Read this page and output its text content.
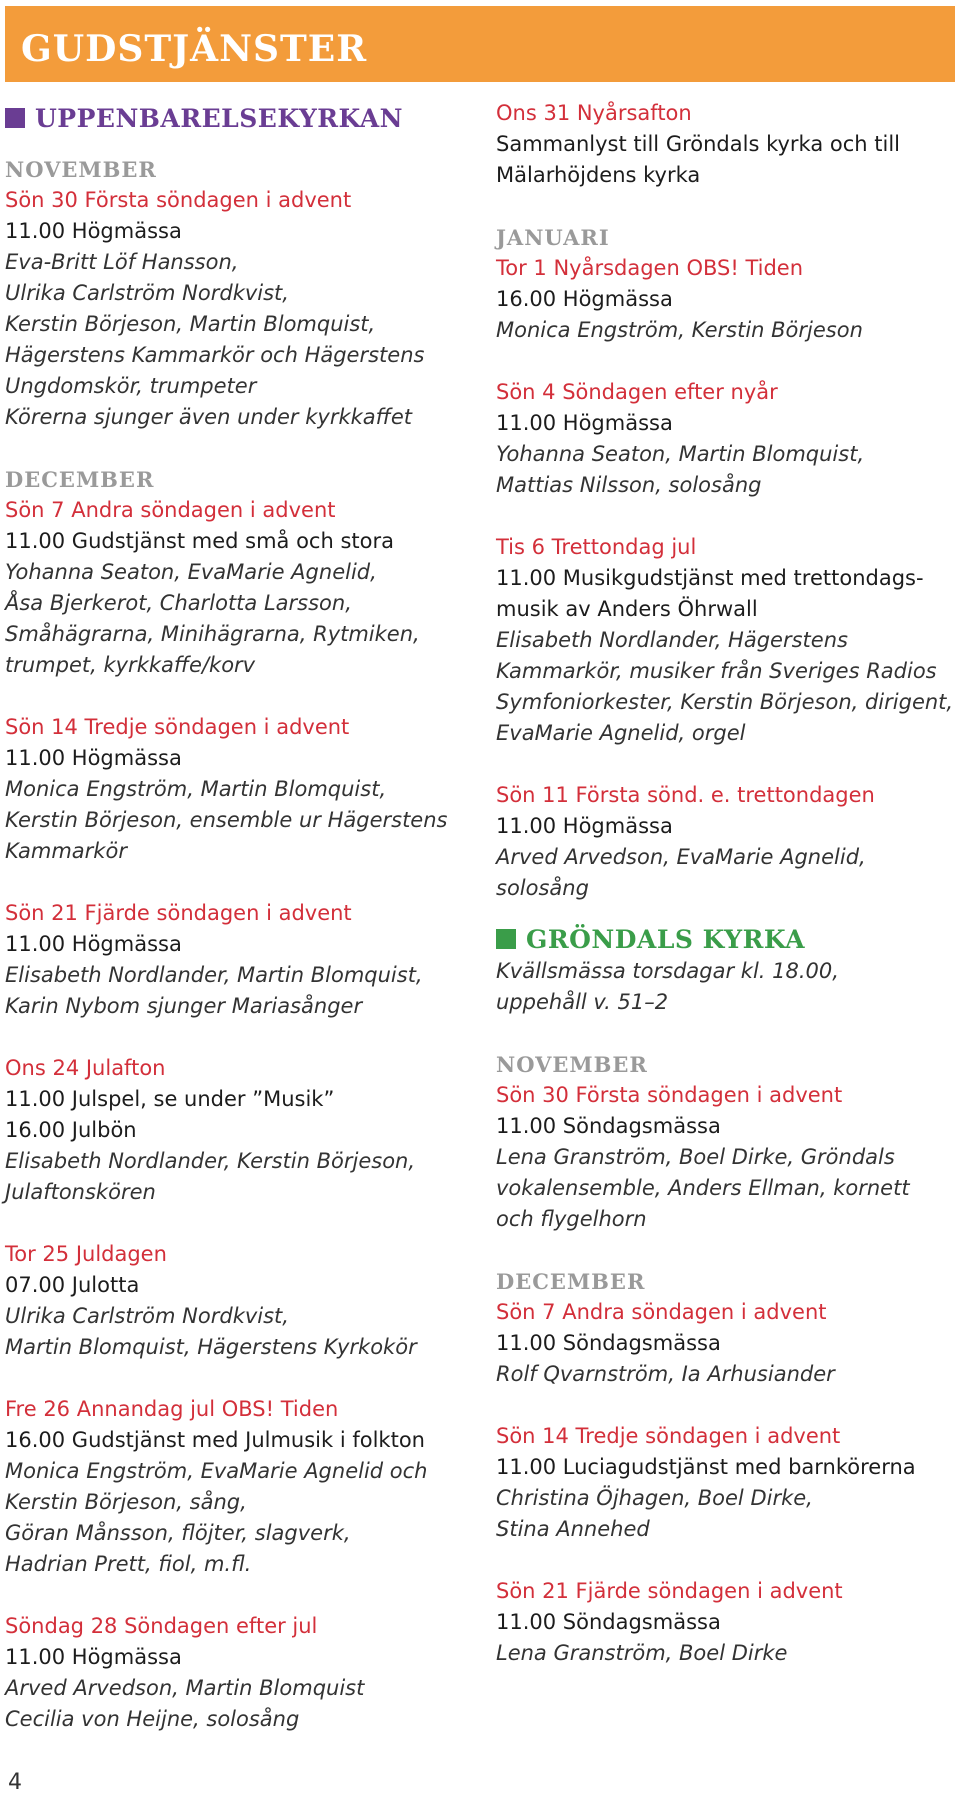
GUDSTJÄNSTER
UPPENBARELSEKYRKAN
NOVEMBER
Sön 30 Första söndagen i advent
11.00 Högmässa
Eva-Britt Löf Hansson,
Ulrika Carlström Nordkvist,
Kerstin Börjeson, Martin Blomquist,
Hägerstens Kammarkör och Hägerstens
Ungdomskör, trumpeter
Körerna sjunger även under kyrkkaffet
DECEMBER
Sön 7 Andra söndagen i advent
11.00 Gudstjänst med små och stora
Yohanna Seaton, EvaMarie Agnelid,
Åsa Bjerkerot, Charlotta Larsson,
Småhägrarna, Minihägrarna, Rytmiken,
trumpet, kyrkkaffe/korv
Sön 14 Tredje söndagen i advent
11.00 Högmässa
Monica Engström, Martin Blomquist,
Kerstin Börjeson, ensemble ur Hägerstens
Kammarkör
Sön 21 Fjärde söndagen i advent
11.00 Högmässa
Elisabeth Nordlander, Martin Blomquist,
Karin Nybom sjunger Mariasånger
Ons 24 Julafton
11.00 Julspel, se under ”Musik”
16.00 Julbön
Elisabeth Nordlander, Kerstin Börjeson,
Julaftonskören
Tor 25 Juldagen
07.00 Julotta
Ulrika Carlström Nordkvist,
Martin Blomquist, Hägerstens Kyrkokör
Fre 26 Annandag jul OBS! Tiden
16.00 Gudstjänst med Julmusik i folkton
Monica Engström, EvaMarie Agnelid och
Kerstin Börjeson, sång,
Göran Månsson, flöjter, slagverk,
Hadrian Prett, fiol, m.fl.
Söndag 28 Söndagen efter jul
11.00 Högmässa
Arved Arvedson, Martin Blomquist
Cecilia von Heijne, solosång
Ons 31 Nyårsafton
Sammanlyst till Gröndals kyrka och till
Mälarhöjdens kyrka
JANUARI
Tor 1 Nyårsdagen OBS! Tiden
16.00 Högmässa
Monica Engström, Kerstin Börjeson
Sön 4 Söndagen efter nyår
11.00 Högmässa
Yohanna Seaton, Martin Blomquist,
Mattias Nilsson, solosång
Tis 6 Trettondag jul
11.00 Musikgudstjänst med trettondags-
musik av Anders Öhrwall
Elisabeth Nordlander, Hägerstens
Kammarkör, musiker från Sveriges Radios
Symfoniorkester, Kerstin Börjeson, dirigent,
EvaMarie Agnelid, orgel
Sön 11 Första sönd. e. trettondagen
11.00 Högmässa
Arved Arvedson, EvaMarie Agnelid,
solosång
GRÖNDALS KYRKA
Kvällsmässa torsdagar kl. 18.00,
uppehåll v. 51–2
NOVEMBER
Sön 30 Första söndagen i advent
11.00 Söndagsmässa
Lena Granström, Boel Dirke, Gröndals
vokalensemble, Anders Ellman, kornett
och flygelhorn
DECEMBER
Sön 7 Andra söndagen i advent
11.00 Söndagsmässa
Rolf Qvarnström, Ia Arhusiander
Sön 14 Tredje söndagen i advent
11.00 Luciagudstjänst med barnkörerna
Christina Öjhagen, Boel Dirke,
Stina Annehed
Sön 21 Fjärde söndagen i advent
11.00 Söndagsmässa
Lena Granström, Boel Dirke
4
